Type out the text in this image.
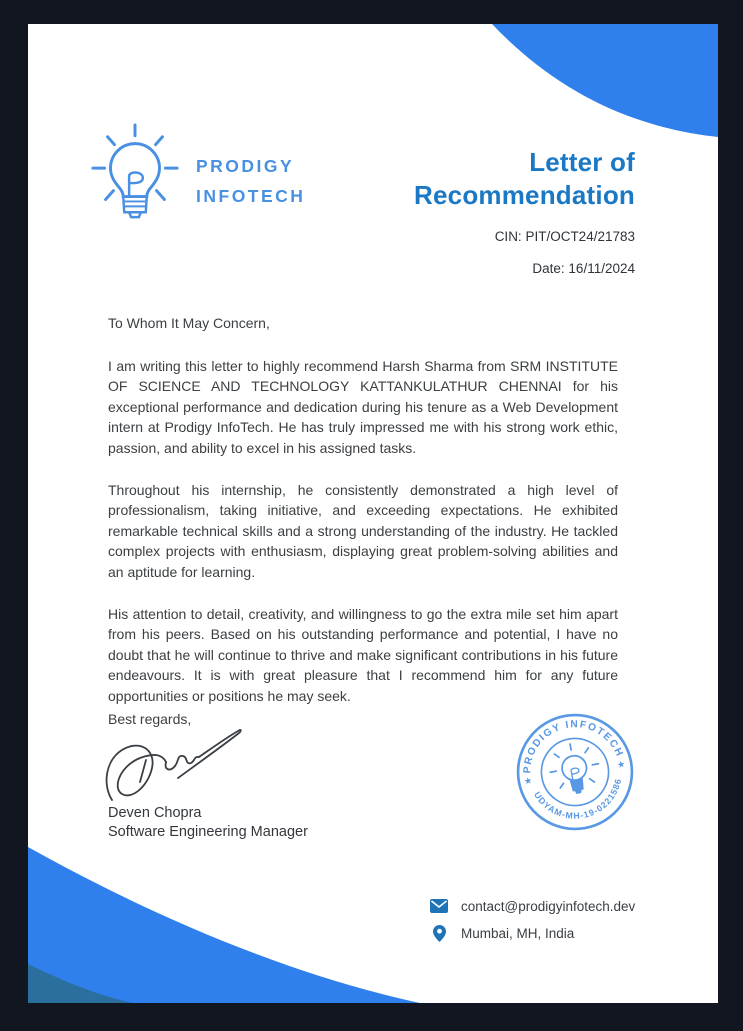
PRODIGY
INFOTECH
Letter of
Recommendation
CIN: PIT/OCT24/21783
Date: 16/11/2024
To Whom It May Concern,

I am writing this letter to highly recommend Harsh Sharma from SRM INSTITUTE OF SCIENCE AND TECHNOLOGY KATTANKULATHUR CHENNAI for his exceptional performance and dedication during his tenure as a Web Development intern at Prodigy InfoTech. He has truly impressed me with his strong work ethic, passion, and ability to excel in his assigned tasks.

Throughout his internship, he consistently demonstrated a high level of professionalism, taking initiative, and exceeding expectations. He exhibited remarkable technical skills and a strong understanding of the industry. He tackled complex projects with enthusiasm, displaying great problem-solving abilities and an aptitude for learning.

His attention to detail, creativity, and willingness to go the extra mile set him apart from his peers. Based on his outstanding performance and potential, I have no doubt that he will continue to thrive and make significant contributions in his future endeavours. It is with great pleasure that I recommend him for any future opportunities or positions he may seek.

Best regards,
Deven Chopra
Software Engineering Manager
PRODIGY INFOTECH
UDYAM-MH-19-0221586
★
★
contact@prodigyinfotech.dev
Mumbai, MH, India
